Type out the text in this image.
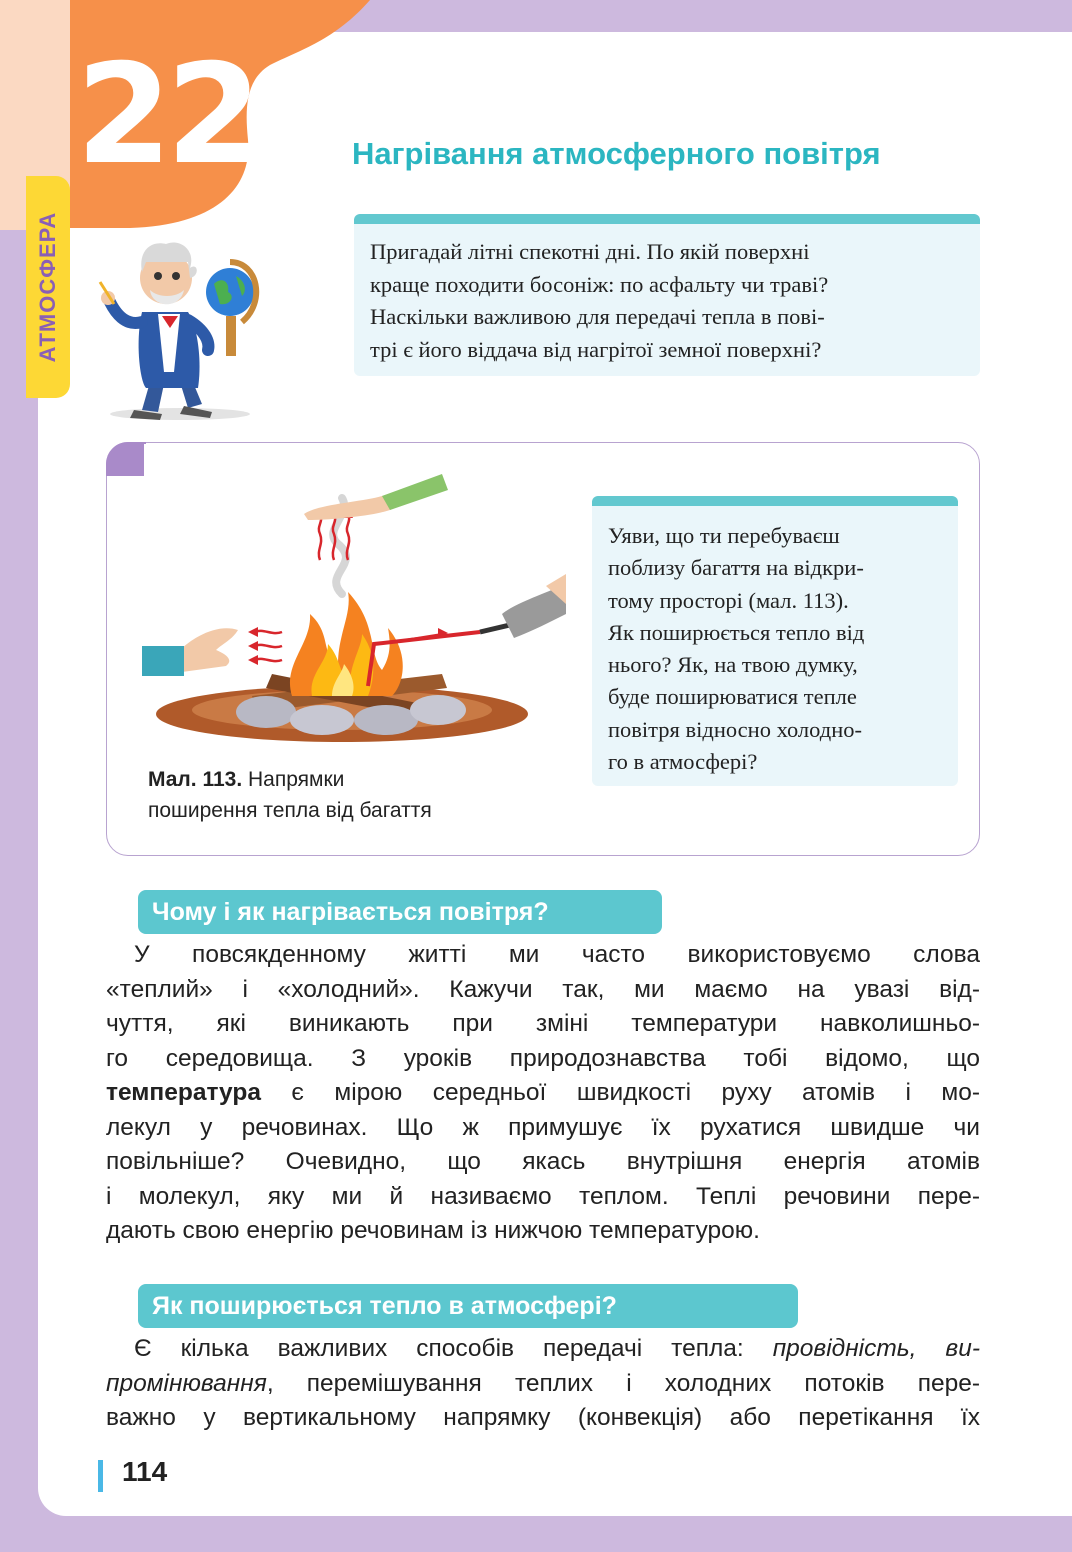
22
АТМОСФЕРА
Нагрівання атмосферного повітря

Пригадай літні спекотні дні. По якій поверхні
краще походити босоніж: по асфальту чи траві?
Наскільки важливою для передачі тепла в пові-
трі є його віддача від нагрітої земної поверхні?

Мал. 113. Напрямки
поширення тепла від багаття

Уяви, що ти перебуваєш
поблизу багаття на відкри-
тому просторі (мал. 113).
Як поширюється тепло від
нього? Як, на твою думку,
буде поширюватися тепле
повітря відносно холодно-
го в атмосфері?

Чому і як нагрівається повітря?
У повсякденному житті ми часто використовуємо слова
«теплий» і «холодний». Кажучи так, ми маємо на увазі від-
чуття, які виникають при зміні температури навколишньо-
го середовища. З уроків природознавства тобі відомо, що
температура є мірою середньої швидкості руху атомів і мо-
лекул у речовинах. Що ж примушує їх рухатися швидше чи
повільніше? Очевидно, що якась внутрішня енергія атомів
і молекул, яку ми й називаємо теплом. Теплі речовини пере-
дають свою енергію речовинам із нижчою температурою.
Як поширюється тепло в атмосфері?
Є кілька важливих способів передачі тепла: провідність, ви-
промінювання, перемішування теплих і холодних потоків пере-
важно у вертикальному напрямку (конвекція) або перетікання їх
114
